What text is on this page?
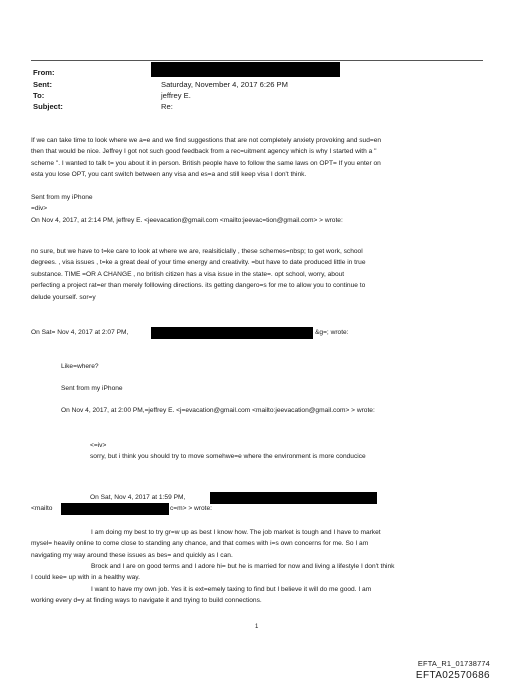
From:
Sent:	Saturday, November 4, 2017 6:26 PM
To:	jeffrey E.
Subject:	Re:
If we can take time to look where we a=e and we find suggestions that are not completely anxiety provoking and sud=en
then that would be nice. Jeffrey I got not such good feedback from a rec=uitment agency which is why I started with a "
scheme ". I wanted to talk t= you about it in person. British people have to follow the same laws on OPT= If you enter on
esta you lose OPT, you cant switch between any visa and es=a and still keep visa I don't think.
Sent from my iPhone
=div>
On Nov 4, 2017, at 2:14 PM, jeffrey E. <jeevacation@gmail.com <mailto:jeevac=tion@gmail.com> > wrote:
no sure, but we have to t=ke care to look at where we are, realsiticlally , these schemes=nbsp; to get work, school
degrees. , visa issues , t=ke a great deal of your time energy and creativity. =but have to date produced little in true
substance. TIME =OR A CHANGE , no british citizen has a visa issue in the state=. opt school, worry, about
perfecting a project rat=er than merely folllowing directions. its getting dangero=s for me to allow you to continue to
delude yourself. sor=y
On Sat= Nov 4, 2017 at 2:07 PM,	&g=; wrote:
Like=where?
Sent from my iPhone
On Nov 4, 2017, at 2:00 PM,=jeffrey E. <j=evacation@gmail.com <mailto:jeevacation@gmail.com> > wrote:
<=iv>
sorry, but i think you should try to move somehwe=e where the environment is more conducice
On Sat, Nov 4, 2017 at 1:59 PM,
<mailto	c=m> > wrote:
I am doing my best to try gr=w up as best I know how. The job market is tough and I have to market
mysel= heavily online to come close to standing any chance, and that comes with i=s own concerns for me. So I am
navigating my way around these issues as bes= and quickly as I can.
Brock and I are on good terms and I adore hi= but he is married for now and living a lifestyle I don't think
I could kee= up with in a healthy way.
I want to have my own job. Yes it is ext=emely taxing to find but I believe it will do me good. I am
working every d=y at finding ways to navigate it and trying to build connections.
1
EFTA_R1_01738774
EFTA02570686
